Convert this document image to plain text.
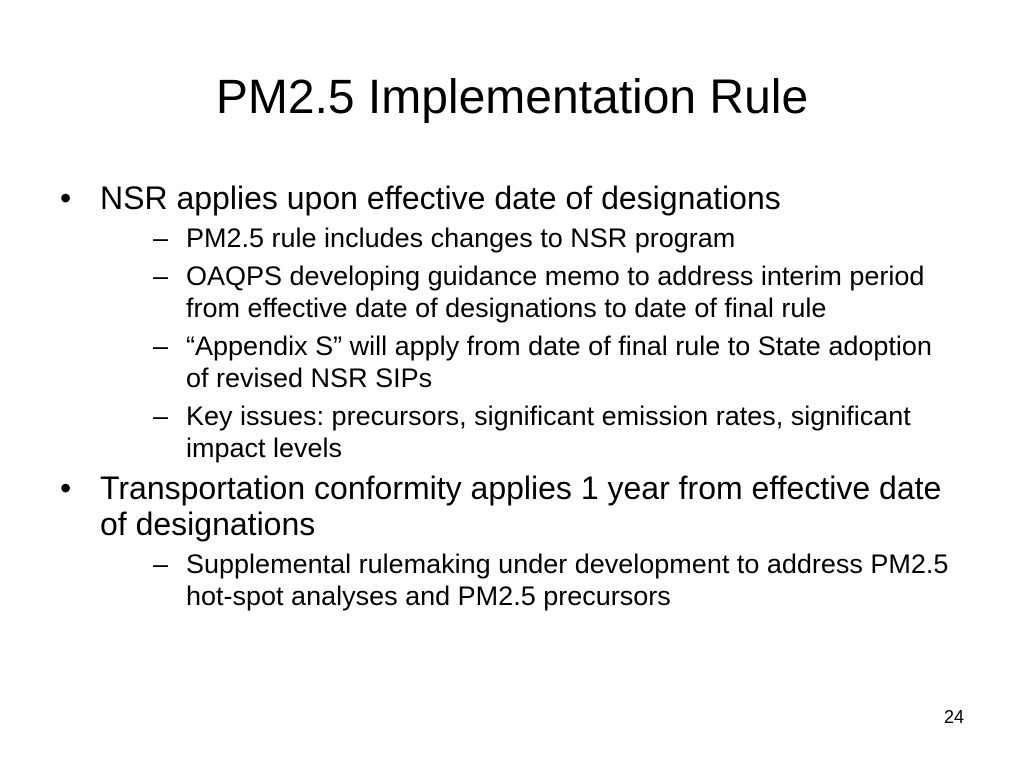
PM2.5 Implementation Rule
• NSR applies upon effective date of designations
– PM2.5 rule includes changes to NSR program
– OAQPS developing guidance memo to address interim period from effective date of designations to date of final rule
– “Appendix S” will apply from date of final rule to State adoption of revised NSR SIPs
– Key issues: precursors, significant emission rates, significant impact levels
• Transportation conformity applies 1 year from effective date of designations
– Supplemental rulemaking under development to address PM2.5 hot-spot analyses and PM2.5 precursors
24
